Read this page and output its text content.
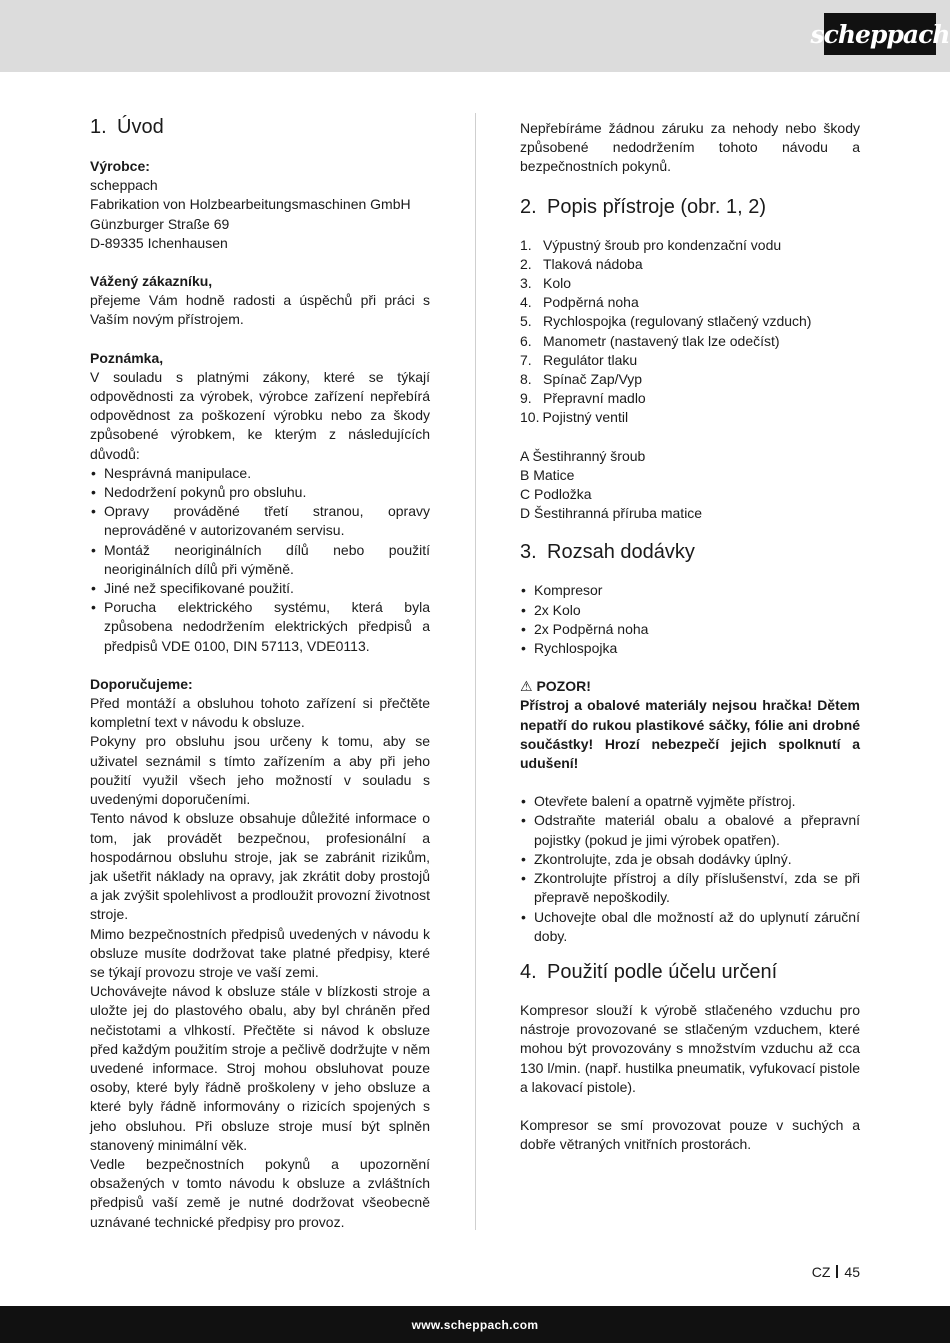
scheppach
1. Úvod

Výrobce:

scheppach

Fabrikation von Holzbearbeitungsmaschinen GmbH

Günzburger Straße 69

D-89335 Ichenhausen

Vážený zákazníku,

přejeme Vám hodně radosti a úspěchů při práci s Vaším novým přístrojem.

Poznámka,

V souladu s platnými zákony, které se týkají odpovědnosti za výrobek, výrobce zařízení nepřebírá odpovědnost za poškození výrobku nebo za škody způsobené výrobkem, ke kterým z následujících důvodů:

• Nesprávná manipulace.
• Nedodržení pokynů pro obsluhu.
• Opravy prováděné třetí stranou, opravy neprováděné v autorizovaném servisu.
• Montáž neoriginálních dílů nebo použití neoriginálních dílů při výměně.
• Jiné než specifikované použití.
• Porucha elektrického systému, která byla způsobena nedodržením elektrických předpisů a předpisů VDE 0100, DIN 57113, VDE0113.

Doporučujeme:

Před montáží a obsluhou tohoto zařízení si přečtěte kompletní text v návodu k obsluze.

Pokyny pro obsluhu jsou určeny k tomu, aby se uživatel seznámil s tímto zařízením a aby při jeho použití využil všech jeho možností v souladu s uvedenými doporučeními.

Tento návod k obsluze obsahuje důležité informace o tom, jak provádět bezpečnou, profesionální a hospodárnou obsluhu stroje, jak se zabránit rizikům, jak ušetřit náklady na opravy, jak zkrátit doby prostojů a jak zvýšit spolehlivost a prodloužit provozní životnost stroje.

Mimo bezpečnostních předpisů uvedených v návodu k obsluze musíte dodržovat take platné předpisy, které se týkají provozu stroje ve vaší zemi.

Uchovávejte návod k obsluze stále v blízkosti stroje a uložte jej do plastového obalu, aby byl chráněn před nečistotami a vlhkostí. Přečtěte si návod k obsluze před každým použitím stroje a pečlivě dodržujte v něm uvedené informace. Stroj mohou obsluhovat pouze osoby, které byly řádně proškoleny v jeho obsluze a které byly řádně informovány o rizicích spojených s jeho obsluhou. Při obsluze stroje musí být splněn stanovený minimální věk.

Vedle bezpečnostních pokynů a upozornění obsažených v tomto návodu k obsluze a zvláštních předpisů vaší země je nutné dodržovat všeobecně uznávané technické předpisy pro provoz.

Nepřebíráme žádnou záruku za nehody nebo škody způsobené nedodržením tohoto návodu a bezpečnostních pokynů.

2. Popis přístroje (obr. 1, 2)
1. Výpustný šroub pro kondenzační vodu
2. Tlaková nádoba
3. Kolo
4. Podpěrná noha
5. Rychlospojka (regulovaný stlačený vzduch)
6. Manometr (nastavený tlak lze odečíst)
7. Regulátor tlaku
8. Spínač Zap/Vyp
9. Přepravní madlo
10. Pojistný ventil

A Šestihranný šroub

B Matice

C Podložka

D Šestihranná příruba matice

3. Rozsah dodávky
• Kompresor
• 2x Kolo
• 2x Podpěrná noha
• Rychlospojka

⚠ POZOR!

Přístroj a obalové materiály nejsou hračka! Dětem nepatří do rukou plastikové sáčky, fólie ani drobné součástky! Hrozí nebezpečí jejich spolknutí a udušení!

• Otevřete balení a opatrně vyjměte přístroj.
• Odstraňte materiál obalu a obalové a přepravní pojistky (pokud je jimi výrobek opatřen).
• Zkontrolujte, zda je obsah dodávky úplný.
• Zkontrolujte přístroj a díly příslušenství, zda se při přepravě nepoškodily.
• Uchovejte obal dle možností až do uplynutí záruční doby.
4. Použití podle účelu určení

Kompresor slouží k výrobě stlačeného vzduchu pro nástroje provozované se stlačeným vzduchem, které mohou být provozovány s množstvím vzduchu až cca 130 l/min. (např. hustilka pneumatik, vyfukovací pistole a lakovací pistole).

Kompresor se smí provozovat pouze v suchých a dobře větraných vnitřních prostorách.

CZ 45
www.scheppach.com
